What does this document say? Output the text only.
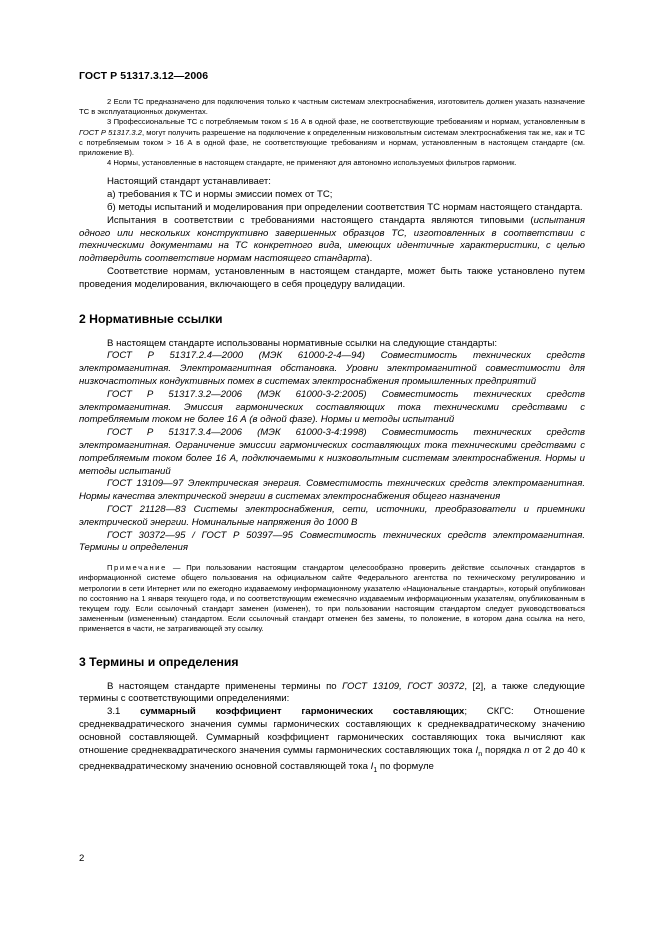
ГОСТ Р 51317.3.12—2006

2 Если ТС предназначено для подключения только к частным системам электроснабжения, изготовитель должен указать назначение ТС в эксплуатационных документах.

3 Профессиональные ТС с потребляемым током ≤ 16 А в одной фазе, не соответствующие требованиям и нормам, установленным в ГОСТ Р 51317.3.2, могут получить разрешение на подключение к определенным низковольтным системам электроснабжения так же, как и ТС с потребляемым током > 16 А в одной фазе, не соответствующие требованиям и нормам, установленным в настоящем стандарте (см. приложение В).

4 Нормы, установленные в настоящем стандарте, не применяют для автономно используемых фильтров гармоник.

Настоящий стандарт устанавливает:

а) требования к ТС и нормы эмиссии помех от ТС;

б) методы испытаний и моделирования при определении соответствия ТС нормам настоящего стандарта.

Испытания в соответствии с требованиями настоящего стандарта являются типовыми (испытания одного или нескольких конструктивно завершенных образцов ТС, изготовленных в соответствии с техническими документами на ТС конкретного вида, имеющих идентичные характеристики, с целью подтвердить соответствие нормам настоящего стандарта).

Соответствие нормам, установленным в настоящем стандарте, может быть также установлено путем проведения моделирования, включающего в себя процедуру валидации.

2 Нормативные ссылки

В настоящем стандарте использованы нормативные ссылки на следующие стандарты:

ГОСТ Р 51317.2.4—2000 (МЭК 61000-2-4—94) Совместимость технических средств электромагнитная. Электромагнитная обстановка. Уровни электромагнитной совместимости для низкочастотных кондуктивных помех в системах электроснабжения промышленных предприятий

ГОСТ Р 51317.3.2—2006 (МЭК 61000-3-2:2005) Совместимость технических средств электромагнитная. Эмиссия гармонических составляющих тока техническими средствами с потребляемым током не более 16 А (в одной фазе). Нормы и методы испытаний

ГОСТ Р 51317.3.4—2006 (МЭК 61000-3-4:1998) Совместимость технических средств электромагнитная. Ограничение эмиссии гармонических составляющих тока техническими средствами с потребляемым током более 16 А, подключаемыми к низковольтным системам электроснабжения. Нормы и методы испытаний

ГОСТ 13109—97 Электрическая энергия. Совместимость технических средств электромагнитная. Нормы качества электрической энергии в системах электроснабжения общего назначения

ГОСТ 21128—83 Системы электроснабжения, сети, источники, преобразователи и приемники электрической энергии. Номинальные напряжения до 1000 В

ГОСТ 30372—95 / ГОСТ Р 50397—95 Совместимость технических средств электромагнитная. Термины и определения

Примечание — При пользовании настоящим стандартом целесообразно проверить действие ссылочных стандартов в информационной системе общего пользования на официальном сайте Федерального агентства по техническому регулированию и метрологии в сети Интернет или по ежегодно издаваемому информационному указателю «Национальные стандарты», который опубликован по состоянию на 1 января текущего года, и по соответствующим ежемесячно издаваемым информационным указателям, опубликованным в текущем году. Если ссылочный стандарт заменен (изменен), то при пользовании настоящим стандартом следует руководствоваться замененным (измененным) стандартом. Если ссылочный стандарт отменен без замены, то положение, в котором дана ссылка на него, применяется в части, не затрагивающей эту ссылку.

3 Термины и определения

В настоящем стандарте применены термины по ГОСТ 13109, ГОСТ 30372, [2], а также следующие термины с соответствующими определениями:

3.1 суммарный коэффициент гармонических составляющих; СКГС: Отношение среднеквадратического значения суммы гармонических составляющих к среднеквадратическому значению основной составляющей. Суммарный коэффициент гармонических составляющих тока вычисляют как отношение среднеквадратического значения суммы гармонических составляющих тока $I_n$ порядка n от 2 до 40 к среднеквадратическому значению основной составляющей тока $I_1$ по формуле

2
